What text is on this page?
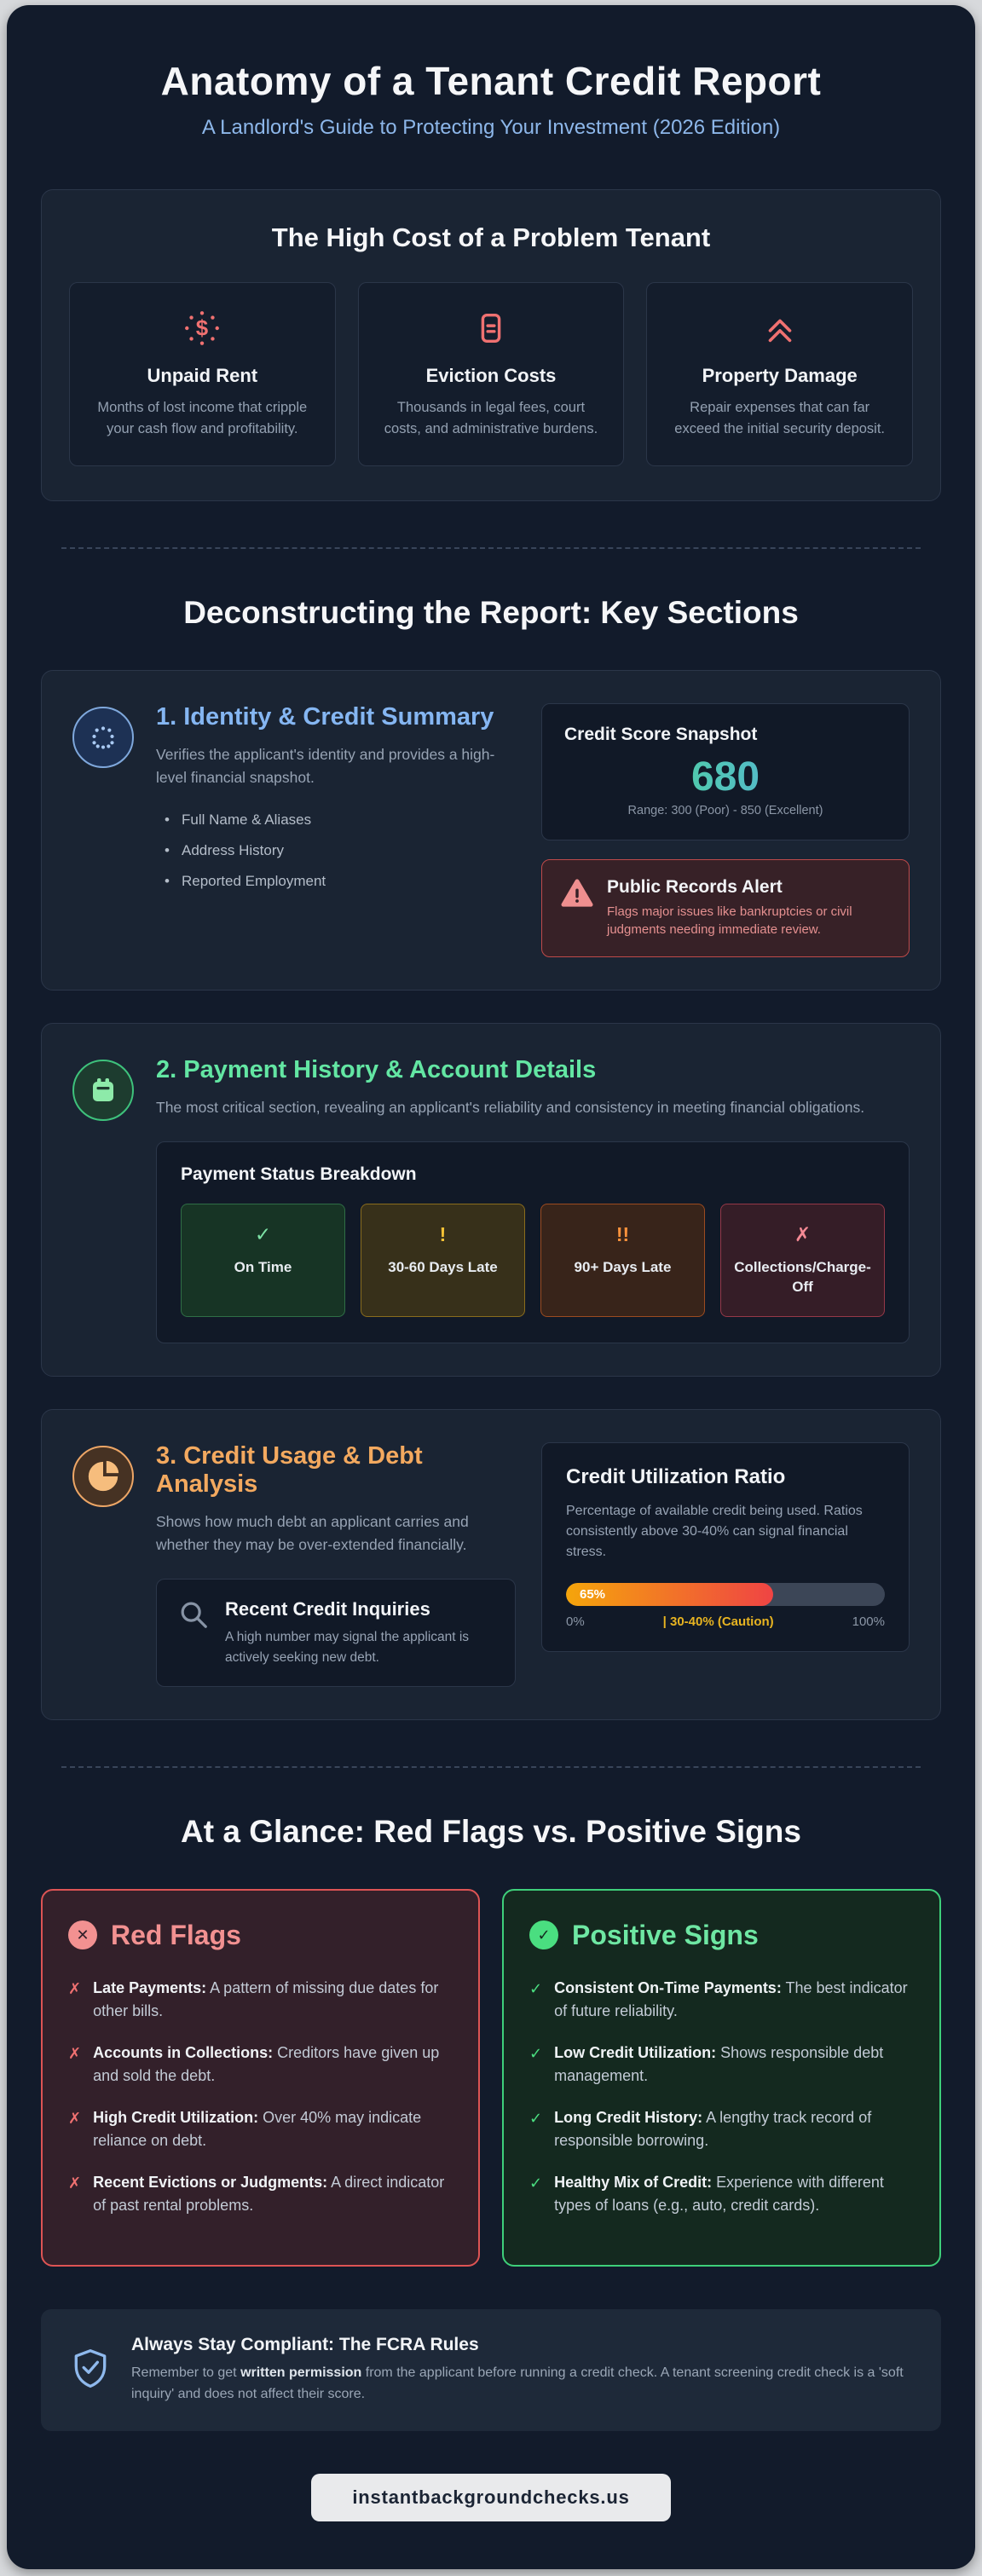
Anatomy of a Tenant Credit Report
A Landlord's Guide to Protecting Your Investment (2026 Edition)
The High Cost of a Problem Tenant
$
Unpaid Rent

Months of lost income that cripple your cash flow and profitability.

Eviction Costs

Thousands in legal fees, court costs, and administrative burdens.

Property Damage

Repair expenses that can far exceed the initial security deposit.

Deconstructing the Report: Key Sections
1. Identity & Credit Summary

Verifies the applicant's identity and provides a high-level financial snapshot.

• Full Name & Aliases
• Address History
• Reported Employment
Credit Score Snapshot
680
Range: 300 (Poor) - 850 (Excellent)
Public Records Alert

Flags major issues like bankruptcies or civil judgments needing immediate review.

2. Payment History & Account Details

The most critical section, revealing an applicant's reliability and consistency in meeting financial obligations.

Payment Status Breakdown
✓
On Time
!
30-60 Days Late
!!
90+ Days Late
✗
Collections/Charge-Off
3. Credit Usage & Debt Analysis

Shows how much debt an applicant carries and whether they may be over-extended financially.

Recent Credit Inquiries

A high number may signal the applicant is actively seeking new debt.

Credit Utilization Ratio

Percentage of available credit being used. Ratios consistently above 30-40% can signal financial stress.

65%
0%	| 30-40% (Caution)	100%
At a Glance: Red Flags vs. Positive Signs
✕ Red Flags
✗ Late Payments: A pattern of missing due dates for other bills.
✗ Accounts in Collections: Creditors have given up and sold the debt.
✗ High Credit Utilization: Over 40% may indicate reliance on debt.
✗ Recent Evictions or Judgments: A direct indicator of past rental problems.
✓ Positive Signs
✓ Consistent On-Time Payments: The best indicator of future reliability.
✓ Low Credit Utilization: Shows responsible debt management.
✓ Long Credit History: A lengthy track record of responsible borrowing.
✓ Healthy Mix of Credit: Experience with different types of loans (e.g., auto, credit cards).
Always Stay Compliant: The FCRA Rules

Remember to get written permission from the applicant before running a credit check. A tenant screening credit check is a 'soft inquiry' and does not affect their score.

instantbackgroundchecks.us
